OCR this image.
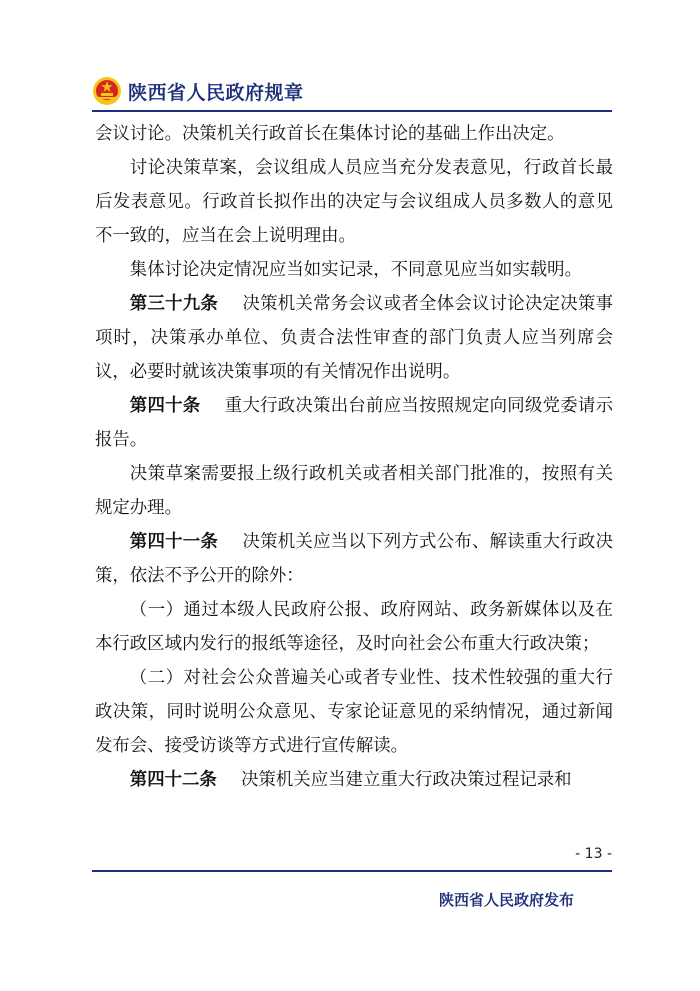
陕西省人民政府规章

会议讨论。决策机关行政首长在集体讨论的基础上作出决定。

讨论决策草案，会议组成人员应当充分发表意见，行政首长最后发表意见。行政首长拟作出的决定与会议组成人员多数人的意见不一致的，应当在会上说明理由。

集体讨论决定情况应当如实记录，不同意见应当如实载明。

第三十九条 决策机关常务会议或者全体会议讨论决定决策事项时，决策承办单位、负责合法性审查的部门负责人应当列席会议，必要时就该决策事项的有关情况作出说明。

第四十条 重大行政决策出台前应当按照规定向同级党委请示报告。

决策草案需要报上级行政机关或者相关部门批准的，按照有关规定办理。

第四十一条 决策机关应当以下列方式公布、解读重大行政决策，依法不予公开的除外：

（一）通过本级人民政府公报、政府网站、政务新媒体以及在本行政区域内发行的报纸等途径，及时向社会公布重大行政决策；

（二）对社会公众普遍关心或者专业性、技术性较强的重大行政决策，同时说明公众意见、专家论证意见的采纳情况，通过新闻发布会、接受访谈等方式进行宣传解读。

第四十二条 决策机关应当建立重大行政决策过程记录和

- 13 -
陕西省人民政府发布
